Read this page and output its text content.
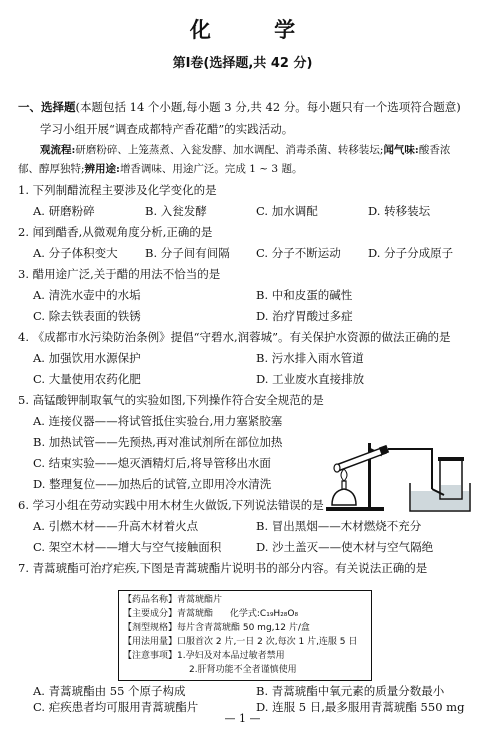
化 学
第Ⅰ卷(选择题,共 42 分)
一、选择题(本题包括 14 个小题,每小题 3 分,共 42 分。每小题只有一个选项符合题意)
学习小组开展“调查成都特产香花醋”的实践活动。
观流程:研磨粉碎、上笼蒸煮、入瓮发酵、加水调配、消毒杀菌、转移装坛;闻气味:酸香浓
郁、醇厚独特;辨用途:增香调味、用途广泛。完成 1 ~ 3 题。
1. 下列制醋流程主要涉及化学变化的是
A. 研磨粉碎	B. 入瓮发酵	C. 加水调配	D. 转移装坛
2. 闻到醋香,从微观角度分析,正确的是
A. 分子体积变大 B. 分子间有间隔 C. 分子不断运动 D. 分子分成原子
3. 醋用途广泛,关于醋的用法不恰当的是
A. 清洗水壶中的水垢	B. 中和皮蛋的碱性
C. 除去铁表面的铁锈	D. 治疗胃酸过多症
4. 《成都市水污染防治条例》提倡“守碧水,润蓉城”。有关保护水资源的做法正确的是
A. 加强饮用水源保护	B. 污水排入雨水管道
C. 大量使用农药化肥	D. 工业废水直接排放
5. 高锰酸钾制取氧气的实验如图,下列操作符合安全规范的是
A. 连接仪器——将试管抵住实验台,用力塞紧胶塞
B. 加热试管——先预热,再对准试剂所在部位加热
C. 结束实验——熄灭酒精灯后,将导管移出水面
D. 整理复位——加热后的试管,立即用冷水清洗
6. 学习小组在劳动实践中用木材生火做饭,下列说法错误的是
A. 引燃木材——升高木材着火点	B. 冒出黑烟——木材燃烧不充分
C. 架空木材——增大与空气接触面积	D. 沙土盖灭——使木材与空气隔绝
7. 青蒿琥酯可治疗疟疾,下图是青蒿琥酯片说明书的部分内容。有关说法正确的是
【药品名称】青蒿琥酯片
【主要成分】青蒿琥酯 化学式:C₁₉H₂₈O₈
【剂型规格】每片含青蒿琥酯 50 mg,12 片/盒
【用法用量】口服首次 2 片,一日 2 次,每次 1 片,连服 5 日
【注意事项】1.孕妇及对本品过敏者禁用
2.肝肾功能不全者谨慎使用
A. 青蒿琥酯由 55 个原子构成	B. 青蒿琥酯中氧元素的质量分数最小
C. 疟疾患者均可服用青蒿琥酯片	D. 连服 5 日,最多服用青蒿琥酯 550 mg
— 1 —
